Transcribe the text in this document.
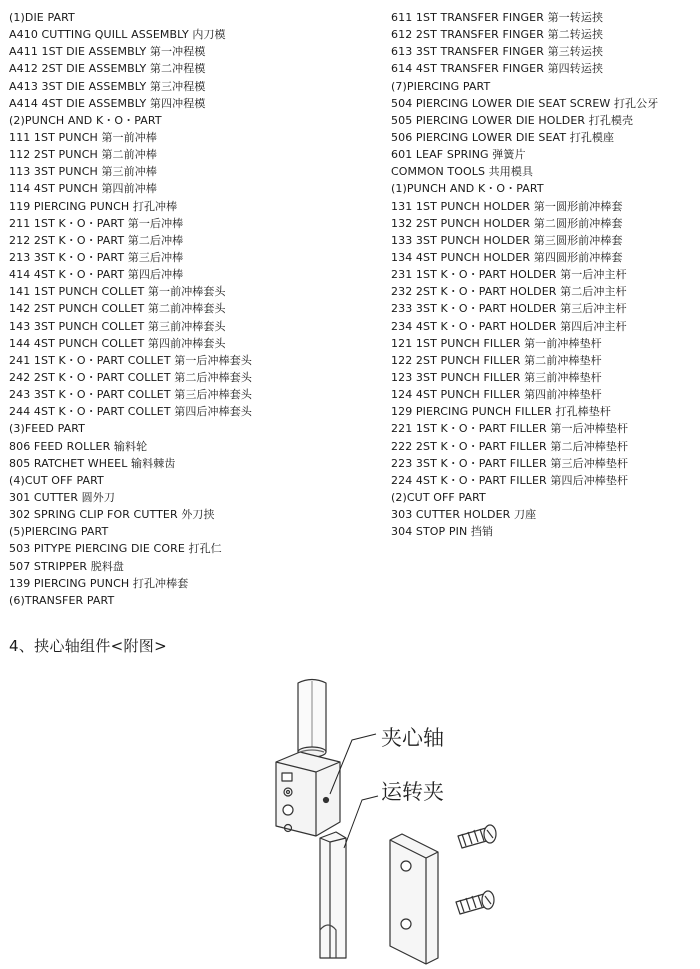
(1)DIE PART
A410 CUTTING QUILL ASSEMBLY 内刀模
A411 1ST DIE ASSEMBLY 第一冲程模
A412 2ST DIE ASSEMBLY 第二冲程模
A413 3ST DIE ASSEMBLY 第三冲程模
A414 4ST DIE ASSEMBLY 第四冲程模
(2)PUNCH AND K・O・PART
111 1ST PUNCH 第一前冲棒
112 2ST PUNCH 第二前冲棒
113 3ST PUNCH 第三前冲棒
114 4ST PUNCH 第四前冲棒
119 PIERCING PUNCH 打孔冲棒
211 1ST K・O・PART 第一后冲棒
212 2ST K・O・PART 第二后冲棒
213 3ST K・O・PART 第三后冲棒
414 4ST K・O・PART 第四后冲棒
141 1ST PUNCH COLLET 第一前冲棒套头
142 2ST PUNCH COLLET 第二前冲棒套头
143 3ST PUNCH COLLET 第三前冲棒套头
144 4ST PUNCH COLLET 第四前冲棒套头
241 1ST K・O・PART COLLET 第一后冲棒套头
242 2ST K・O・PART COLLET 第二后冲棒套头
243 3ST K・O・PART COLLET 第三后冲棒套头
244 4ST K・O・PART COLLET 第四后冲棒套头
(3)FEED PART
806 FEED ROLLER 输料轮
805 RATCHET WHEEL 输料棘齿
(4)CUT OFF PART
301 CUTTER 圆外刀
302 SPRING CLIP FOR CUTTER 外刀挟
(5)PIERCING PART
503 PITYPE PIERCING DIE CORE 打孔仁
507 STRIPPER 脱料盘
139 PIERCING PUNCH 打孔冲棒套
(6)TRANSFER PART
611 1ST TRANSFER FINGER 第一转运挟
612 2ST TRANSFER FINGER 第二转运挟
613 3ST TRANSFER FINGER 第三转运挟
614 4ST TRANSFER FINGER 第四转运挟
(7)PIERCING PART
504 PIERCING LOWER DIE SEAT SCREW 打孔公牙
505 PIERCING LOWER DIE HOLDER 打孔模壳
506 PIERCING LOWER DIE SEAT 打孔模座
601 LEAF SPRING 弹簧片
COMMON TOOLS 共用模具
(1)PUNCH AND K・O・PART
131 1ST PUNCH HOLDER 第一圆形前冲棒套
132 2ST PUNCH HOLDER 第二圆形前冲棒套
133 3ST PUNCH HOLDER 第三圆形前冲棒套
134 4ST PUNCH HOLDER 第四圆形前冲棒套
231 1ST K・O・PART HOLDER 第一后冲主杆
232 2ST K・O・PART HOLDER 第二后冲主杆
233 3ST K・O・PART HOLDER 第三后冲主杆
234 4ST K・O・PART HOLDER 第四后冲主杆
121 1ST PUNCH FILLER 第一前冲棒垫杆
122 2ST PUNCH FILLER 第二前冲棒垫杆
123 3ST PUNCH FILLER 第三前冲棒垫杆
124 4ST PUNCH FILLER 第四前冲棒垫杆
129 PIERCING PUNCH FILLER 打孔棒垫杆
221 1ST K・O・PART FILLER 第一后冲棒垫杆
222 2ST K・O・PART FILLER 第二后冲棒垫杆
223 3ST K・O・PART FILLER 第三后冲棒垫杆
224 4ST K・O・PART FILLER 第四后冲棒垫杆
(2)CUT OFF PART
303 CUTTER HOLDER 刀座
304 STOP PIN 挡销
4、挟心轴组件<附图>
夹心轴
运转夹
